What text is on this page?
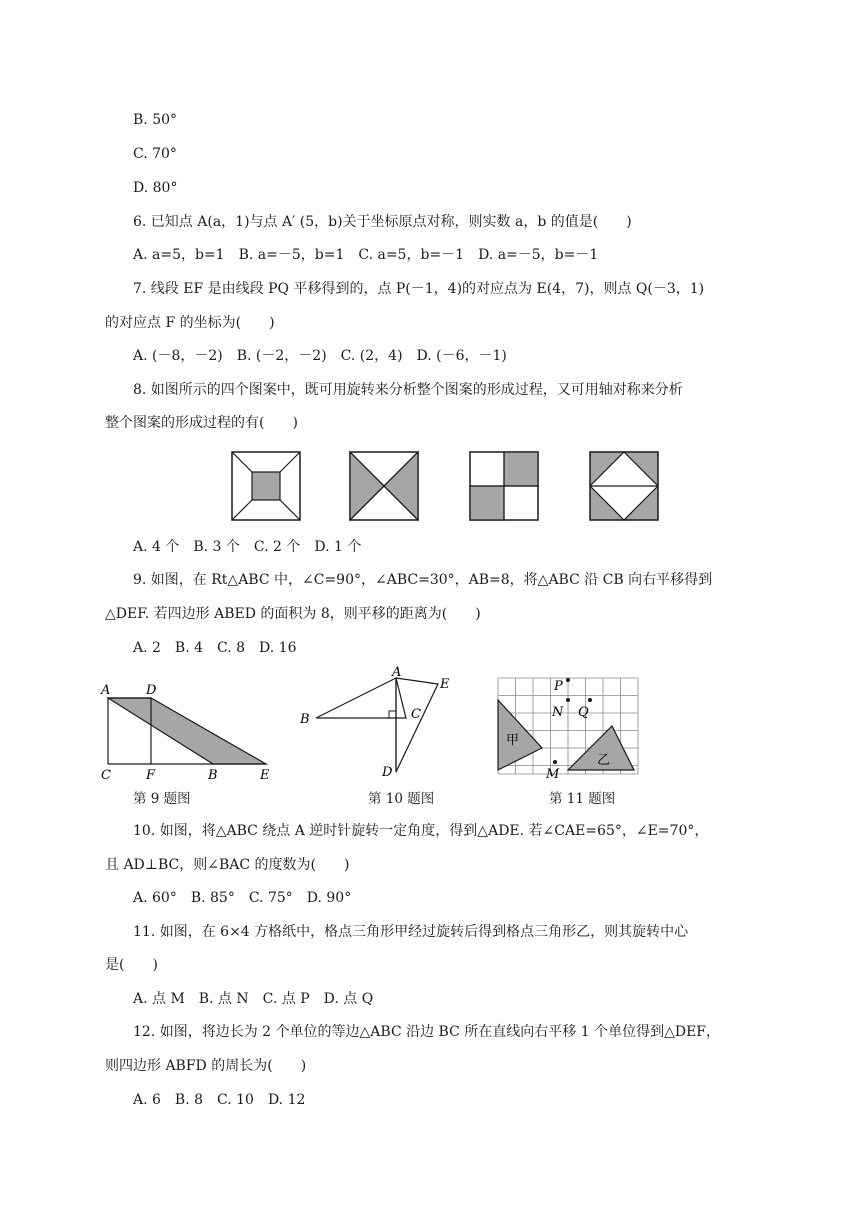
B. 50°
C. 70°
D. 80°
6. 已知点 A(a，1)与点 A′ (5，b)关于坐标原点对称，则实数 a，b 的值是(　　)
A. a=5，b=1　B. a=－5，b=1　C. a=5，b=－1　D. a=－5，b=－1
7. 线段 EF 是由线段 PQ 平移得到的，点 P(－1，4)的对应点为 E(4，7)，则点 Q(－3，1)
的对应点 F 的坐标为(　　)
A. (－8，－2)　B. (－2，－2)　C. (2，4)　D. (－6，－1)
8. 如图所示的四个图案中，既可用旋转来分析整个图案的形成过程，又可用轴对称来分析
整个图案的形成过程的有(　　)
A. 4 个　B. 3 个　C. 2 个　D. 1 个
9. 如图，在 Rt△ABC 中，∠C=90°，∠ABC=30°，AB=8，将△ABC 沿 CB 向右平移得到
△DEF. 若四边形 ABED 的面积为 8，则平移的距离为(　　)
A. 2　B. 4　C. 8　D. 16
A	D
C	F	B	E
第 9 题图
A
E
B	C
D
第 10 题图
P
N Q
M
甲
乙
第 11 题图
10. 如图，将△ABC 绕点 A 逆时针旋转一定角度，得到△ADE. 若∠CAE=65°，∠E=70°，
且 AD⊥BC，则∠BAC 的度数为(　　)
A. 60°　B. 85°　C. 75°　D. 90°
11. 如图，在 6×4 方格纸中，格点三角形甲经过旋转后得到格点三角形乙，则其旋转中心
是(　　)
A. 点 M　B. 点 N　C. 点 P　D. 点 Q
12. 如图，将边长为 2 个单位的等边△ABC 沿边 BC 所在直线向右平移 1 个单位得到△DEF，
则四边形 ABFD 的周长为(　　)
A. 6　B. 8　C. 10　D. 12
